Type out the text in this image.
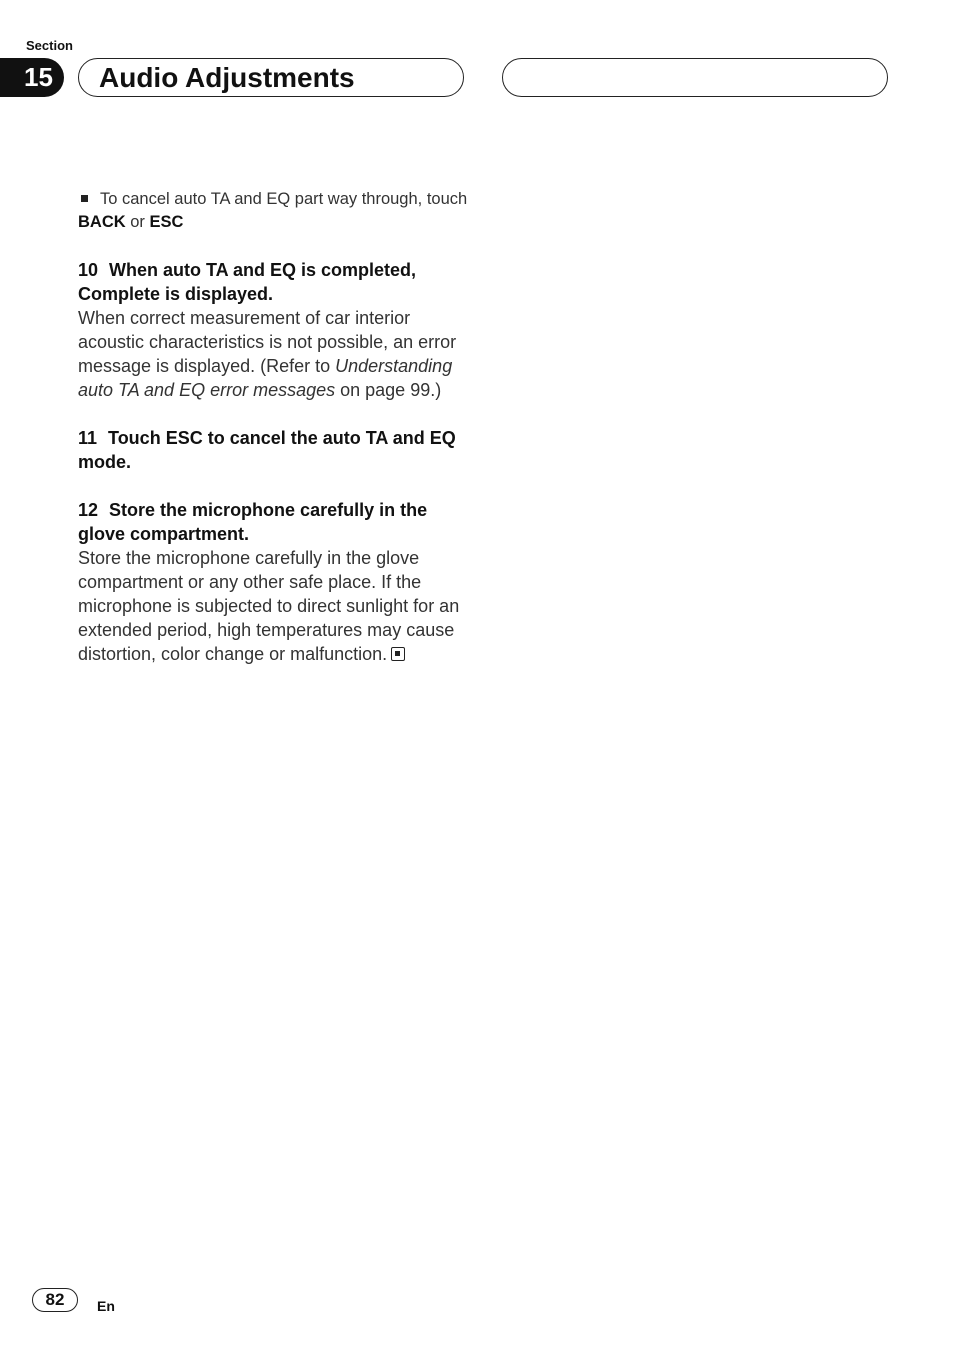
Section
15	Audio Adjustments
To cancel auto TA and EQ part way through, touch BACK or ESC
10 When auto TA and EQ is completed, Complete is displayed.
When correct measurement of car interior acoustic characteristics is not possible, an error message is displayed. (Refer to Understanding auto TA and EQ error messages on page 99.)
11 Touch ESC to cancel the auto TA and EQ mode.
12 Store the microphone carefully in the glove compartment.
Store the microphone carefully in the glove compartment or any other safe place. If the microphone is subjected to direct sunlight for an extended period, high temperatures may cause distortion, color change or malfunction.
82	En
